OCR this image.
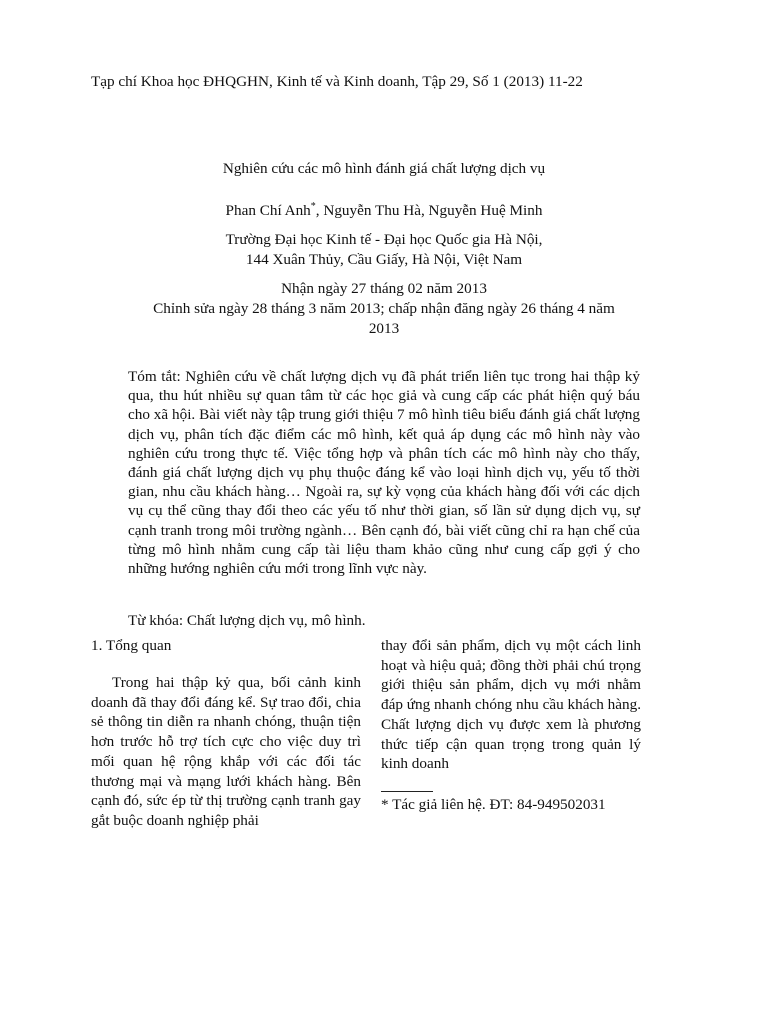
Tạp chí Khoa học ĐHQGHN, Kinh tế và Kinh doanh, Tập 29, Số 1 (2013) 11-22
Nghiên cứu các mô hình đánh giá chất lượng dịch vụ
Phan Chí Anh*, Nguyễn Thu Hà, Nguyễn Huệ Minh
Trường Đại học Kinh tế - Đại học Quốc gia Hà Nội,
144 Xuân Thủy, Cầu Giấy, Hà Nội, Việt Nam
Nhận ngày 27 tháng 02 năm 2013
Chỉnh sửa ngày 28 tháng 3 năm 2013; chấp nhận đăng ngày 26 tháng 4 năm 2013
Tóm tắt: Nghiên cứu về chất lượng dịch vụ đã phát triển liên tục trong hai thập kỷ qua, thu hút nhiều sự quan tâm từ các học giả và cung cấp các phát hiện quý báu cho xã hội. Bài viết này tập trung giới thiệu 7 mô hình tiêu biểu đánh giá chất lượng dịch vụ, phân tích đặc điểm các mô hình, kết quả áp dụng các mô hình này vào nghiên cứu trong thực tế. Việc tổng hợp và phân tích các mô hình này cho thấy, đánh giá chất lượng dịch vụ phụ thuộc đáng kể vào loại hình dịch vụ, yếu tố thời gian, nhu cầu khách hàng… Ngoài ra, sự kỳ vọng của khách hàng đối với các dịch vụ cụ thể cũng thay đổi theo các yếu tố như thời gian, số lần sử dụng dịch vụ, sự cạnh tranh trong môi trường ngành… Bên cạnh đó, bài viết cũng chỉ ra hạn chế của từng mô hình nhằm cung cấp tài liệu tham khảo cũng như cung cấp gợi ý cho những hướng nghiên cứu mới trong lĩnh vực này.
Từ khóa: Chất lượng dịch vụ, mô hình.
1. Tổng quan

Trong hai thập kỷ qua, bối cảnh kinh doanh đã thay đổi đáng kể. Sự trao đổi, chia sẻ thông tin diễn ra nhanh chóng, thuận tiện hơn trước hỗ trợ tích cực cho việc duy trì mối quan hệ rộng khắp với các đối tác thương mại và mạng lưới khách hàng. Bên cạnh đó, sức ép từ thị trường cạnh tranh gay gắt buộc doanh nghiệp phải

thay đổi sản phẩm, dịch vụ một cách linh hoạt và hiệu quả; đồng thời phải chú trọng giới thiệu sản phẩm, dịch vụ mới nhằm đáp ứng nhanh chóng nhu cầu khách hàng. Chất lượng dịch vụ được xem là phương thức tiếp cận quan trọng trong quản lý kinh doanh

* Tác giả liên hệ. ĐT: 84-949502031
